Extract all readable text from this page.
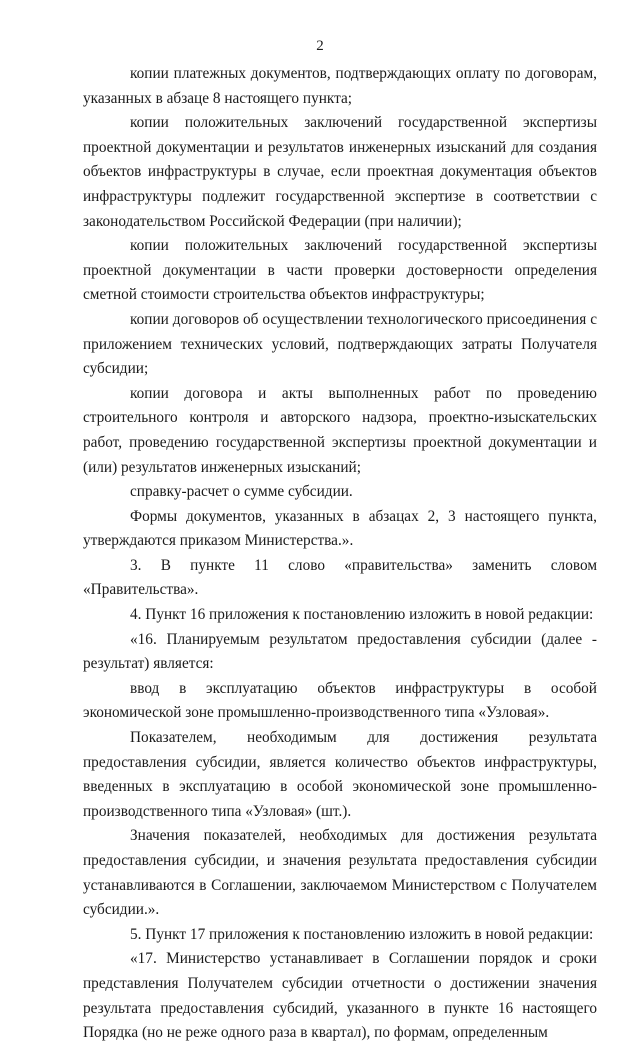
2

копии платежных документов, подтверждающих оплату по договорам, указанных в абзаце 8 настоящего пункта;

копии положительных заключений государственной экспертизы проектной документации и результатов инженерных изысканий для создания объектов инфраструктуры в случае, если проектная документация объектов инфраструктуры подлежит государственной экспертизе в соответствии с законодательством Российской Федерации (при наличии);

копии положительных заключений государственной экспертизы проектной документации в части проверки достоверности определения сметной стоимости строительства объектов инфраструктуры;

копии договоров об осуществлении технологического присоединения с приложением технических условий, подтверждающих затраты Получателя субсидии;

копии договора и акты выполненных работ по проведению строительного контроля и авторского надзора, проектно-изыскательских работ, проведению государственной экспертизы проектной документации и (или) результатов инженерных изысканий;

справку-расчет о сумме субсидии.

Формы документов, указанных в абзацах 2, 3 настоящего пункта, утверждаются приказом Министерства.».

3. В пункте 11 слово «правительства» заменить словом «Правительства».

4. Пункт 16 приложения к постановлению изложить в новой редакции:

«16. Планируемым результатом предоставления субсидии (далее - результат) является:

ввод в эксплуатацию объектов инфраструктуры в особой экономической зоне промышленно-производственного типа «Узловая».

Показателем, необходимым для достижения результата предоставления субсидии, является количество объектов инфраструктуры, введенных в эксплуатацию в особой экономической зоне промышленно-производственного типа «Узловая» (шт.).

Значения показателей, необходимых для достижения результата предоставления субсидии, и значения результата предоставления субсидии устанавливаются в Соглашении, заключаемом Министерством с Получателем субсидии.».

5. Пункт 17 приложения к постановлению изложить в новой редакции:

«17. Министерство устанавливает в Соглашении порядок и сроки представления Получателем субсидии отчетности о достижении значения результата предоставления субсидий, указанного в пункте 16 настоящего Порядка (но не реже одного раза в квартал), по формам, определенным
